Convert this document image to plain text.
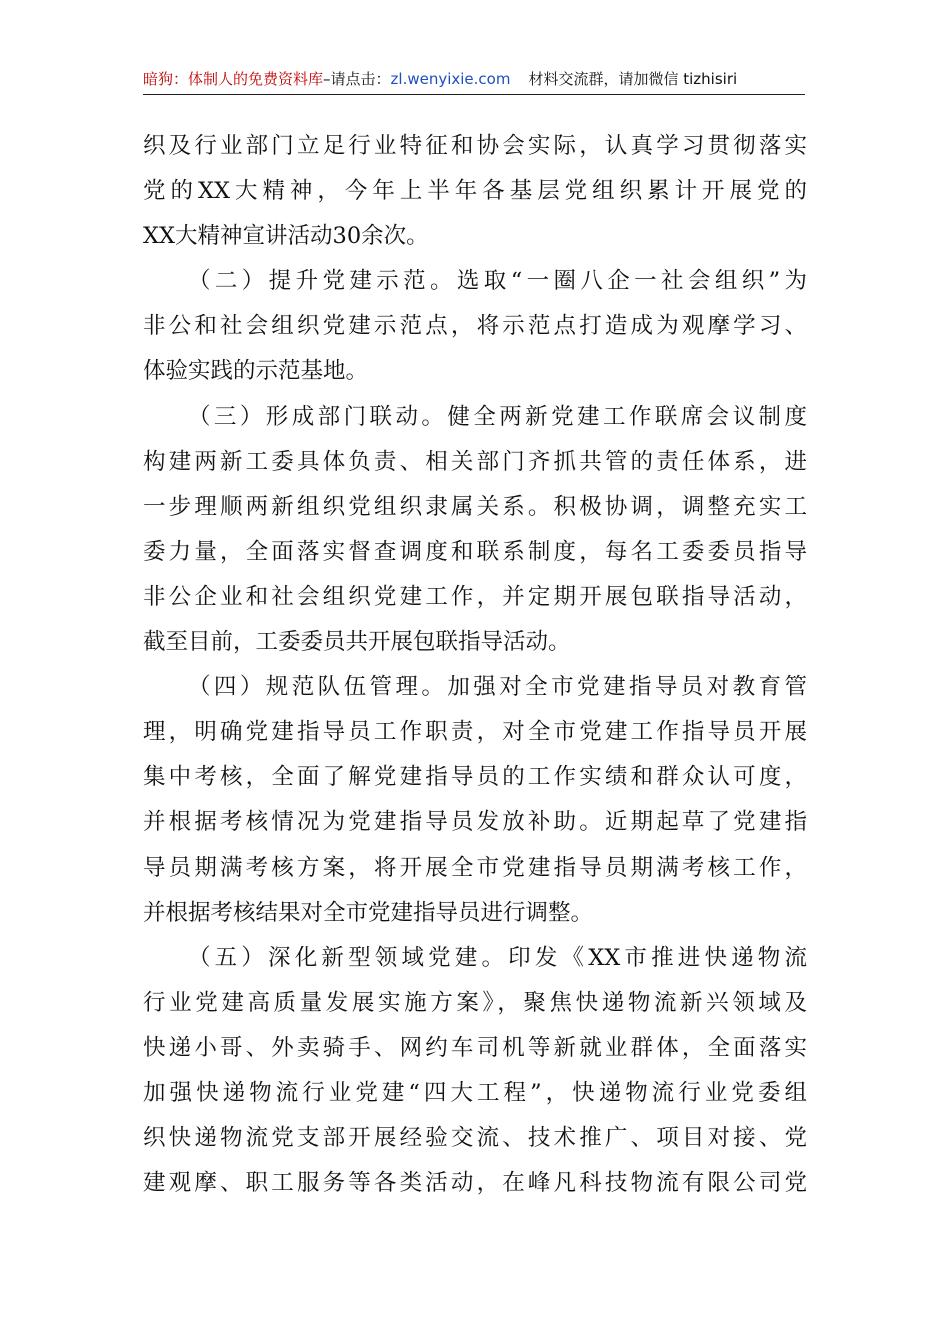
暗狗：体制人的免费资料库–请点击：zl.wenyixie.com 材料交流群，请加微信 tizhisiri
织及行业部门立足行业特征和协会实际，认真学习贯彻落实
党的XX大精神，今年上半年各基层党组织累计开展党的
XX大精神宣讲活动30余次。
（二）提升党建示范。选取“一圈八企一社会组织”为
非公和社会组织党建示范点，将示范点打造成为观摩学习、
体验实践的示范基地。
（三）形成部门联动。健全两新党建工作联席会议制度
构建两新工委具体负责、相关部门齐抓共管的责任体系，进
一步理顺两新组织党组织隶属关系。积极协调，调整充实工
委力量，全面落实督查调度和联系制度，每名工委委员指导
非公企业和社会组织党建工作，并定期开展包联指导活动，
截至目前，工委委员共开展包联指导活动。
（四）规范队伍管理。加强对全市党建指导员对教育管
理，明确党建指导员工作职责，对全市党建工作指导员开展
集中考核，全面了解党建指导员的工作实绩和群众认可度，
并根据考核情况为党建指导员发放补助。近期起草了党建指
导员期满考核方案，将开展全市党建指导员期满考核工作，
并根据考核结果对全市党建指导员进行调整。
（五）深化新型领域党建。印发《XX市推进快递物流
行业党建高质量发展实施方案》，聚焦快递物流新兴领域及
快递小哥、外卖骑手、网约车司机等新就业群体，全面落实
加强快递物流行业党建“四大工程”，快递物流行业党委组
织快递物流党支部开展经验交流、技术推广、项目对接、党
建观摩、职工服务等各类活动，在峰凡科技物流有限公司党
